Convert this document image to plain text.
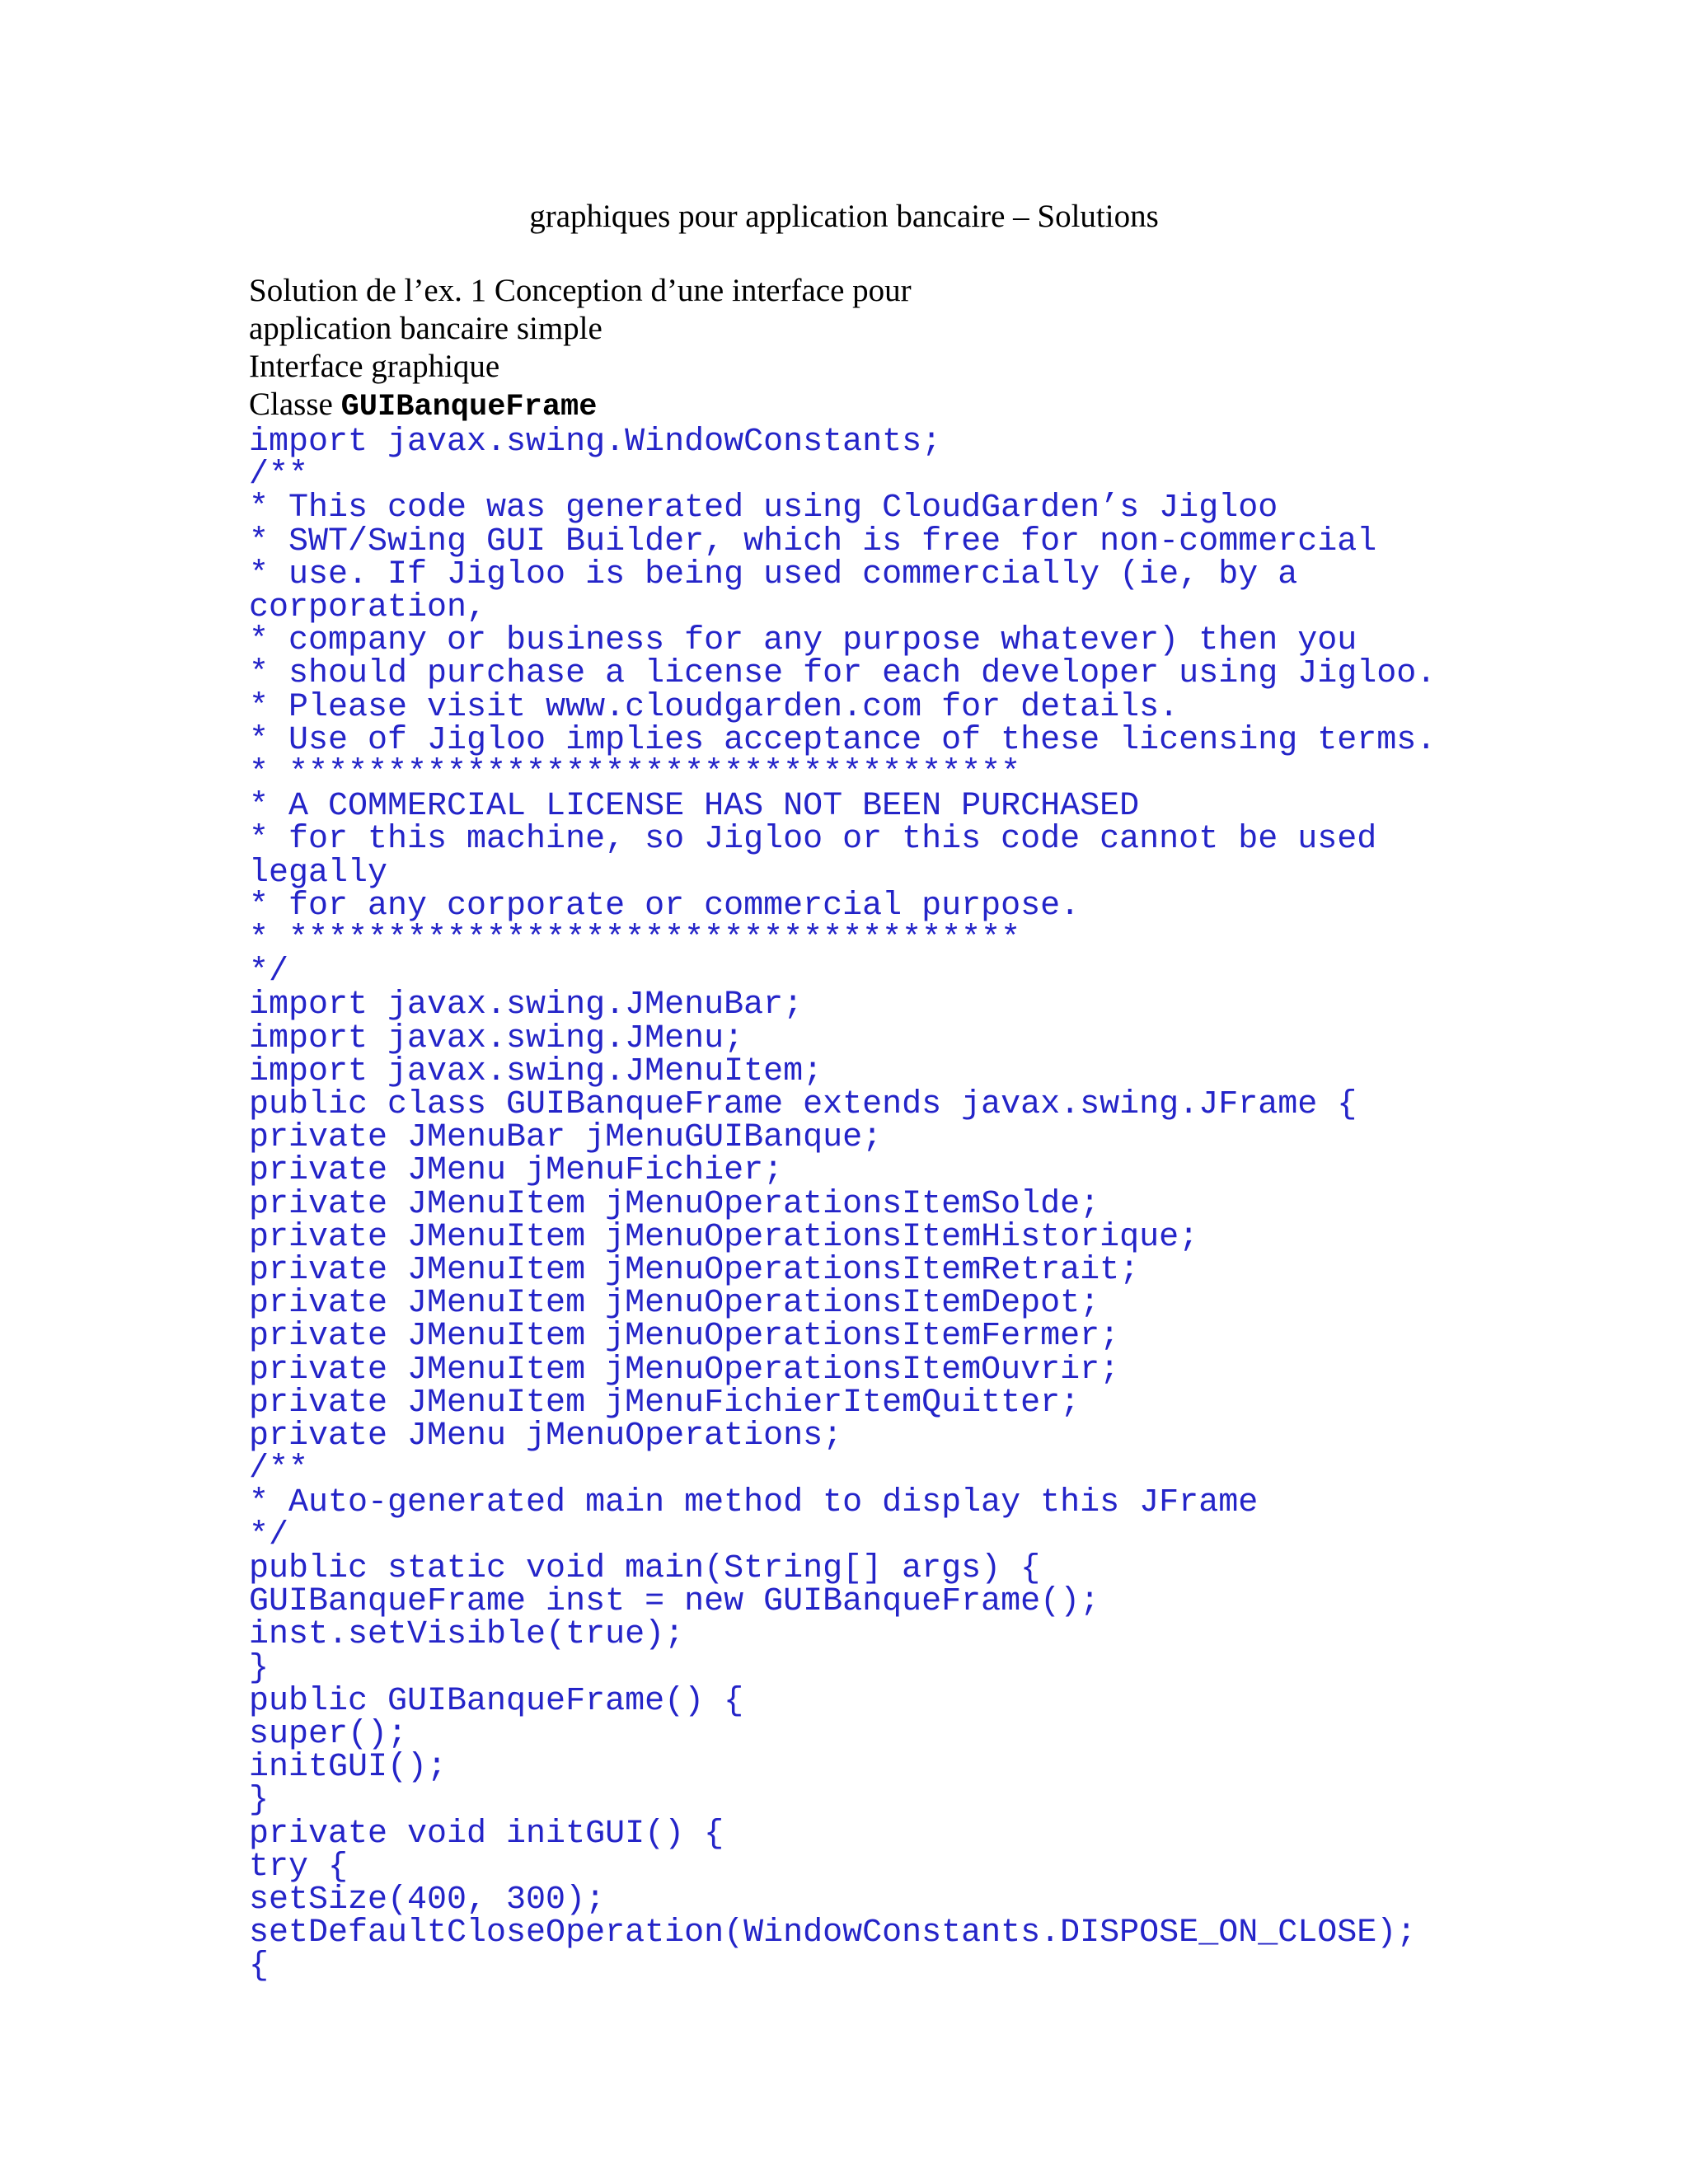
graphiques pour application bancaire – Solutions
Solution de l’ex. 1 Conception d’une interface pour
application bancaire simple
Interface graphique
Classe GUIBanqueFrame
import javax.swing.WindowConstants;
/**
* This code was generated using CloudGarden’s Jigloo
* SWT/Swing GUI Builder, which is free for non-commercial
* use. If Jigloo is being used commercially (ie, by a
corporation,
* company or business for any purpose whatever) then you
* should purchase a license for each developer using Jigloo.
* Please visit www.cloudgarden.com for details.
* Use of Jigloo implies acceptance of these licensing terms.
* *************************************
* A COMMERCIAL LICENSE HAS NOT BEEN PURCHASED
* for this machine, so Jigloo or this code cannot be used
legally
* for any corporate or commercial purpose.
* *************************************
*/
import javax.swing.JMenuBar;
import javax.swing.JMenu;
import javax.swing.JMenuItem;
public class GUIBanqueFrame extends javax.swing.JFrame {
private JMenuBar jMenuGUIBanque;
private JMenu jMenuFichier;
private JMenuItem jMenuOperationsItemSolde;
private JMenuItem jMenuOperationsItemHistorique;
private JMenuItem jMenuOperationsItemRetrait;
private JMenuItem jMenuOperationsItemDepot;
private JMenuItem jMenuOperationsItemFermer;
private JMenuItem jMenuOperationsItemOuvrir;
private JMenuItem jMenuFichierItemQuitter;
private JMenu jMenuOperations;
/**
* Auto-generated main method to display this JFrame
*/
public static void main(String[] args) {
GUIBanqueFrame inst = new GUIBanqueFrame();
inst.setVisible(true);
}
public GUIBanqueFrame() {
super();
initGUI();
}
private void initGUI() {
try {
setSize(400, 300);
setDefaultCloseOperation(WindowConstants.DISPOSE_ON_CLOSE);
{
